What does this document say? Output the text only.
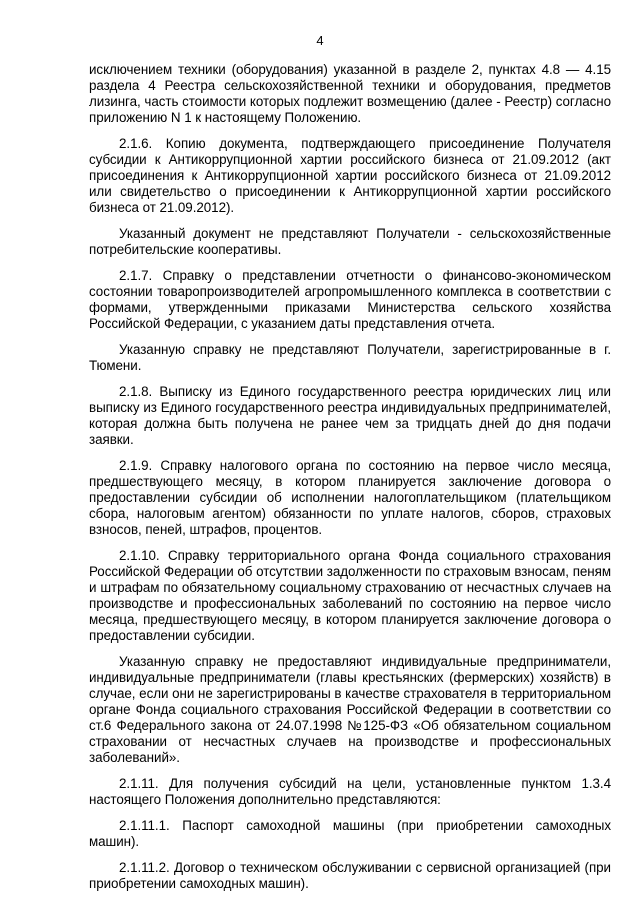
4

исключением техники (оборудования) указанной в разделе 2, пунктах 4.8 — 4.15 раздела 4 Реестра сельскохозяйственной техники и оборудования, предметов лизинга, часть стоимости которых подлежит возмещению (далее - Реестр) согласно приложению N 1 к настоящему Положению.

2.1.6. Копию документа, подтверждающего присоединение Получателя субсидии к Антикоррупционной хартии российского бизнеса от 21.09.2012 (акт присоединения к Антикоррупционной хартии российского бизнеса от 21.09.2012 или свидетельство о присоединении к Антикоррупционной хартии российского бизнеса от 21.09.2012).

Указанный документ не представляют Получатели - сельскохозяйственные потребительские кооперативы.

2.1.7. Справку о представлении отчетности о финансово-экономическом состоянии товаропроизводителей агропромышленного комплекса в соответствии с формами, утвержденными приказами Министерства сельского хозяйства Российской Федерации, с указанием даты представления отчета.

Указанную справку не представляют Получатели, зарегистрированные в г. Тюмени.

2.1.8. Выписку из Единого государственного реестра юридических лиц или выписку из Единого государственного реестра индивидуальных предпринимателей, которая должна быть получена не ранее чем за тридцать дней до дня подачи заявки.

2.1.9. Справку налогового органа по состоянию на первое число месяца, предшествующего месяцу, в котором планируется заключение договора о предоставлении субсидии об исполнении налогоплательщиком (плательщиком сбора, налоговым агентом) обязанности по уплате налогов, сборов, страховых взносов, пеней, штрафов, процентов.

2.1.10. Справку территориального органа Фонда социального страхования Российской Федерации об отсутствии задолженности по страховым взносам, пеням и штрафам по обязательному социальному страхованию от несчастных случаев на производстве и профессиональных заболеваний по состоянию на первое число месяца, предшествующего месяцу, в котором планируется заключение договора о предоставлении субсидии.

Указанную справку не предоставляют индивидуальные предприниматели, индивидуальные предприниматели (главы крестьянских (фермерских) хозяйств) в случае, если они не зарегистрированы в качестве страхователя в территориальном органе Фонда социального страхования Российской Федерации в соответствии со ст.6 Федерального закона от 24.07.1998 №125-ФЗ «Об обязательном социальном страховании от несчастных случаев на производстве и профессиональных заболеваний».

2.1.11. Для получения субсидий на цели, установленные пунктом 1.3.4 настоящего Положения дополнительно представляются:

2.1.11.1. Паспорт самоходной машины (при приобретении самоходных машин).

2.1.11.2. Договор о техническом обслуживании с сервисной организацией (при приобретении самоходных машин).
